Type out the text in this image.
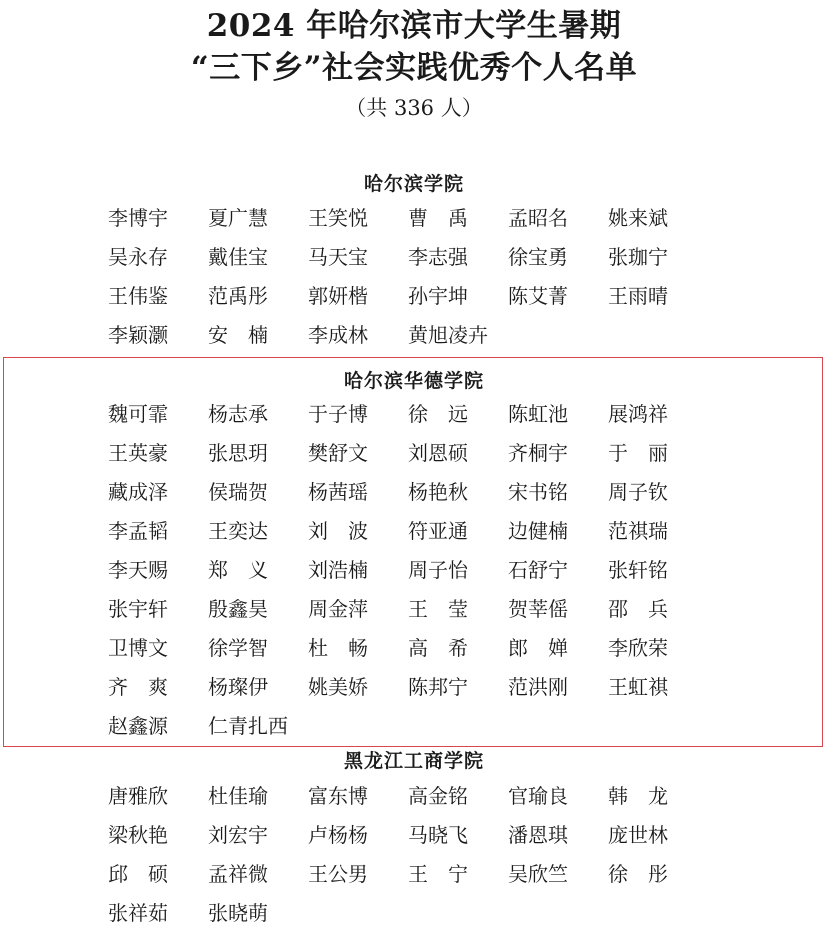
2024 年哈尔滨市大学生暑期
“三下乡”社会实践优秀个人名单
（共 336 人）
哈尔滨学院
李博宇	夏广慧	王笑悦	曹　禹	孟昭名	姚来斌
吴永存	戴佳宝	马天宝	李志强	徐宝勇	张珈宁
王伟鉴	范禹彤	郭妍楷	孙宇坤	陈艾菁	王雨晴
李颖灏	安　楠	李成林	黄旭凌卉
哈尔滨华德学院
魏可霏	杨志承	于子博	徐　远	陈虹池	展鸿祥
王英豪	张思玥	樊舒文	刘恩硕	齐桐宇	于　丽
藏成泽	侯瑞贺	杨茜瑶	杨艳秋	宋书铭	周子钦
李孟韬	王奕达	刘　波	符亚通	边健楠	范祺瑞
李天赐	郑　义	刘浩楠	周子怡	石舒宁	张轩铭
张宇轩	殷鑫昊	周金萍	王　莹	贺莘傜	邵　兵
卫博文	徐学智	杜　畅	高　希	郎　婵	李欣荣
齐　爽	杨璨伊	姚美娇	陈邦宁	范洪刚	王虹祺
赵鑫源	仁青扎西
黑龙江工商学院
唐雅欣	杜佳瑜	富东博	高金铭	官瑜良	韩　龙
梁秋艳	刘宏宇	卢杨杨	马晓飞	潘恩琪	庞世林
邱　硕	孟祥微	王公男	王　宁	吴欣竺	徐　彤
张祥茹	张晓萌
